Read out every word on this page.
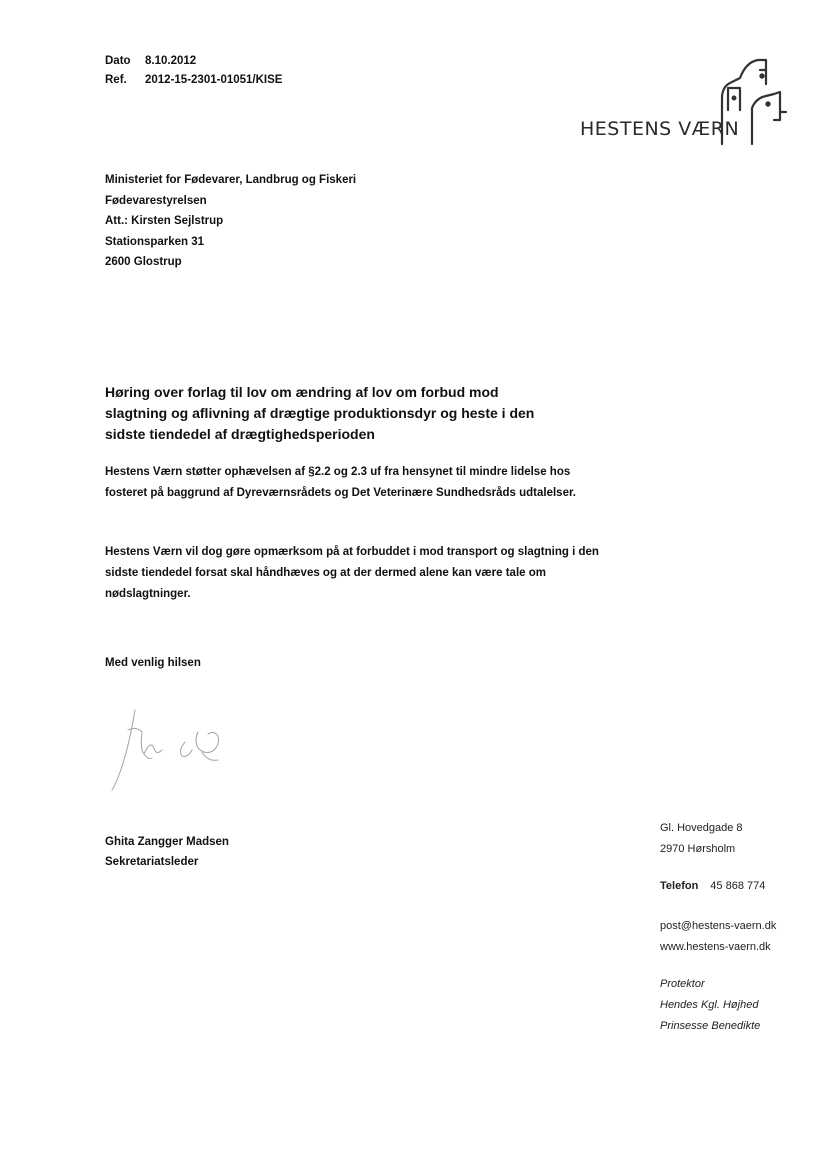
Dato 8.10.2012
Ref. 2012-15-2301-01051/KISE
HESTENS VÆRN
Ministeriet for Fødevarer, Landbrug og Fiskeri
Fødevarestyrelsen
Att.: Kirsten Sejlstrup
Stationsparken 31
2600 Glostrup
Høring over forlag til lov om ændring af lov om forbud mod slagtning og aflivning af drægtige produktionsdyr og heste i den sidste tiendedel af drægtighedsperioden
Hestens Værn støtter ophævelsen af §2.2 og 2.3 uf fra hensynet til mindre lidelse hos fosteret på baggrund af Dyreværnsrådets og Det Veterinære Sundhedsråds udtalelser.
Hestens Værn vil dog gøre opmærksom på at forbuddet i mod transport og slagtning i den sidste tiendedel forsat skal håndhæves og at der dermed alene kan være tale om nødslagtninger.
Med venlig hilsen
Ghita Zangger Madsen
Sekretariatsleder
Gl. Hovedgade 8
2970 Hørsholm
Telefon 45 868 774
post@hestens-vaern.dk
www.hestens-vaern.dk
Protektor
Hendes Kgl. Højhed
Prinsesse Benedikte
